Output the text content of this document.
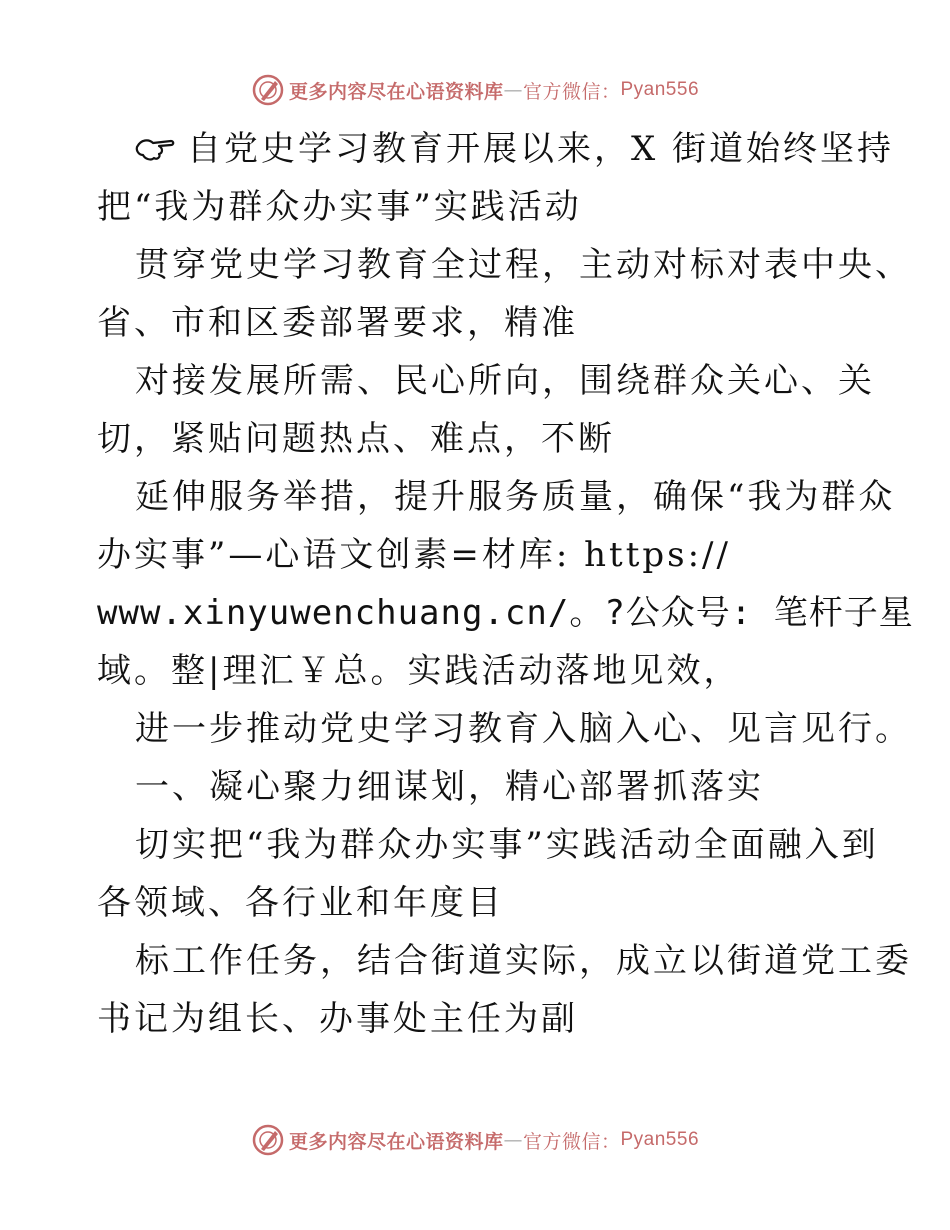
更多内容尽在心语资料库 — 官方微信： Pyan556
自党史学习教育开展以来，X 街道始终坚持
把“我为群众办实事”实践活动
贯穿党史学习教育全过程，主动对标对表中央、
省、市和区委部署要求，精准
对接发展所需、民心所向，围绕群众关心、关
切，紧贴问题热点、难点，不断
延伸服务举措，提升服务质量，确保“我为群众
办实事”—心语文创素=材库: https://
www.xinyuwenchuang.cn/。?公众号: 笔杆子星
域。整|理汇￥总。实践活动落地见效，
进一步推动党史学习教育入脑入心、见言见行。
一、凝心聚力细谋划，精心部署抓落实
切实把“我为群众办实事”实践活动全面融入到
各领域、各行业和年度目
标工作任务，结合街道实际，成立以街道党工委
书记为组长、办事处主任为副
更多内容尽在心语资料库 — 官方微信： Pyan556
